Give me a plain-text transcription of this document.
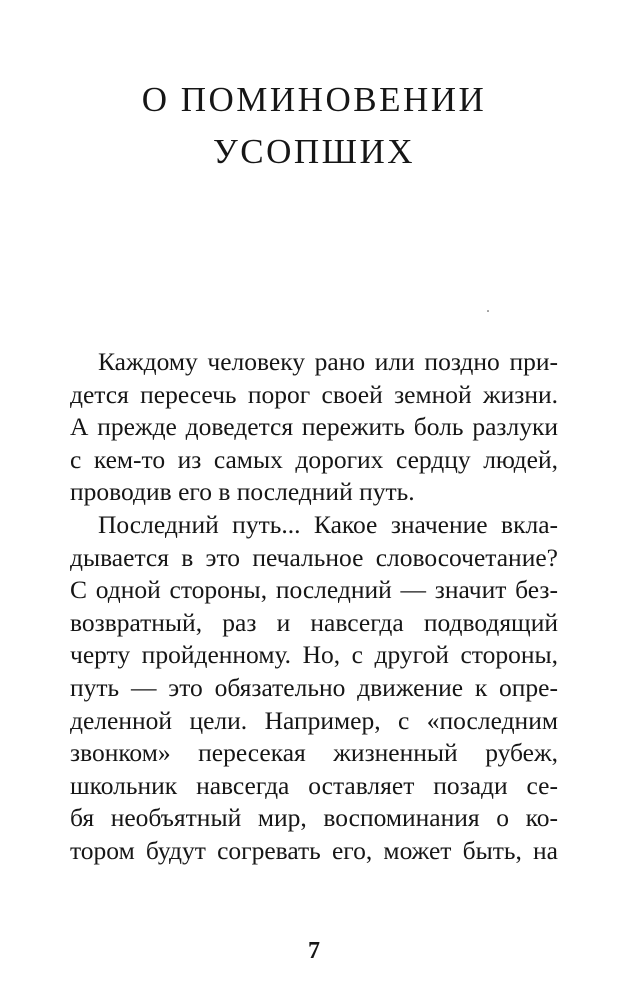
О ПОМИНОВЕНИИ
УСОПШИХ
Каждому человеку рано или поздно при-
дется пересечь порог своей земной жизни.
А прежде доведется пережить боль разлуки
с кем-то из самых дорогих сердцу людей,
проводив его в последний путь.
Последний путь... Какое значение вкла-
дывается в это печальное словосочетание?
С одной стороны, последний — значит без-
возвратный, раз и навсегда подводящий
черту пройденному. Но, с другой стороны,
путь — это обязательно движение к опре-
деленной цели. Например, с «последним
звонком» пересекая жизненный рубеж,
школьник навсегда оставляет позади се-
бя необъятный мир, воспоминания о ко-
тором будут согревать его, может быть, на
7
